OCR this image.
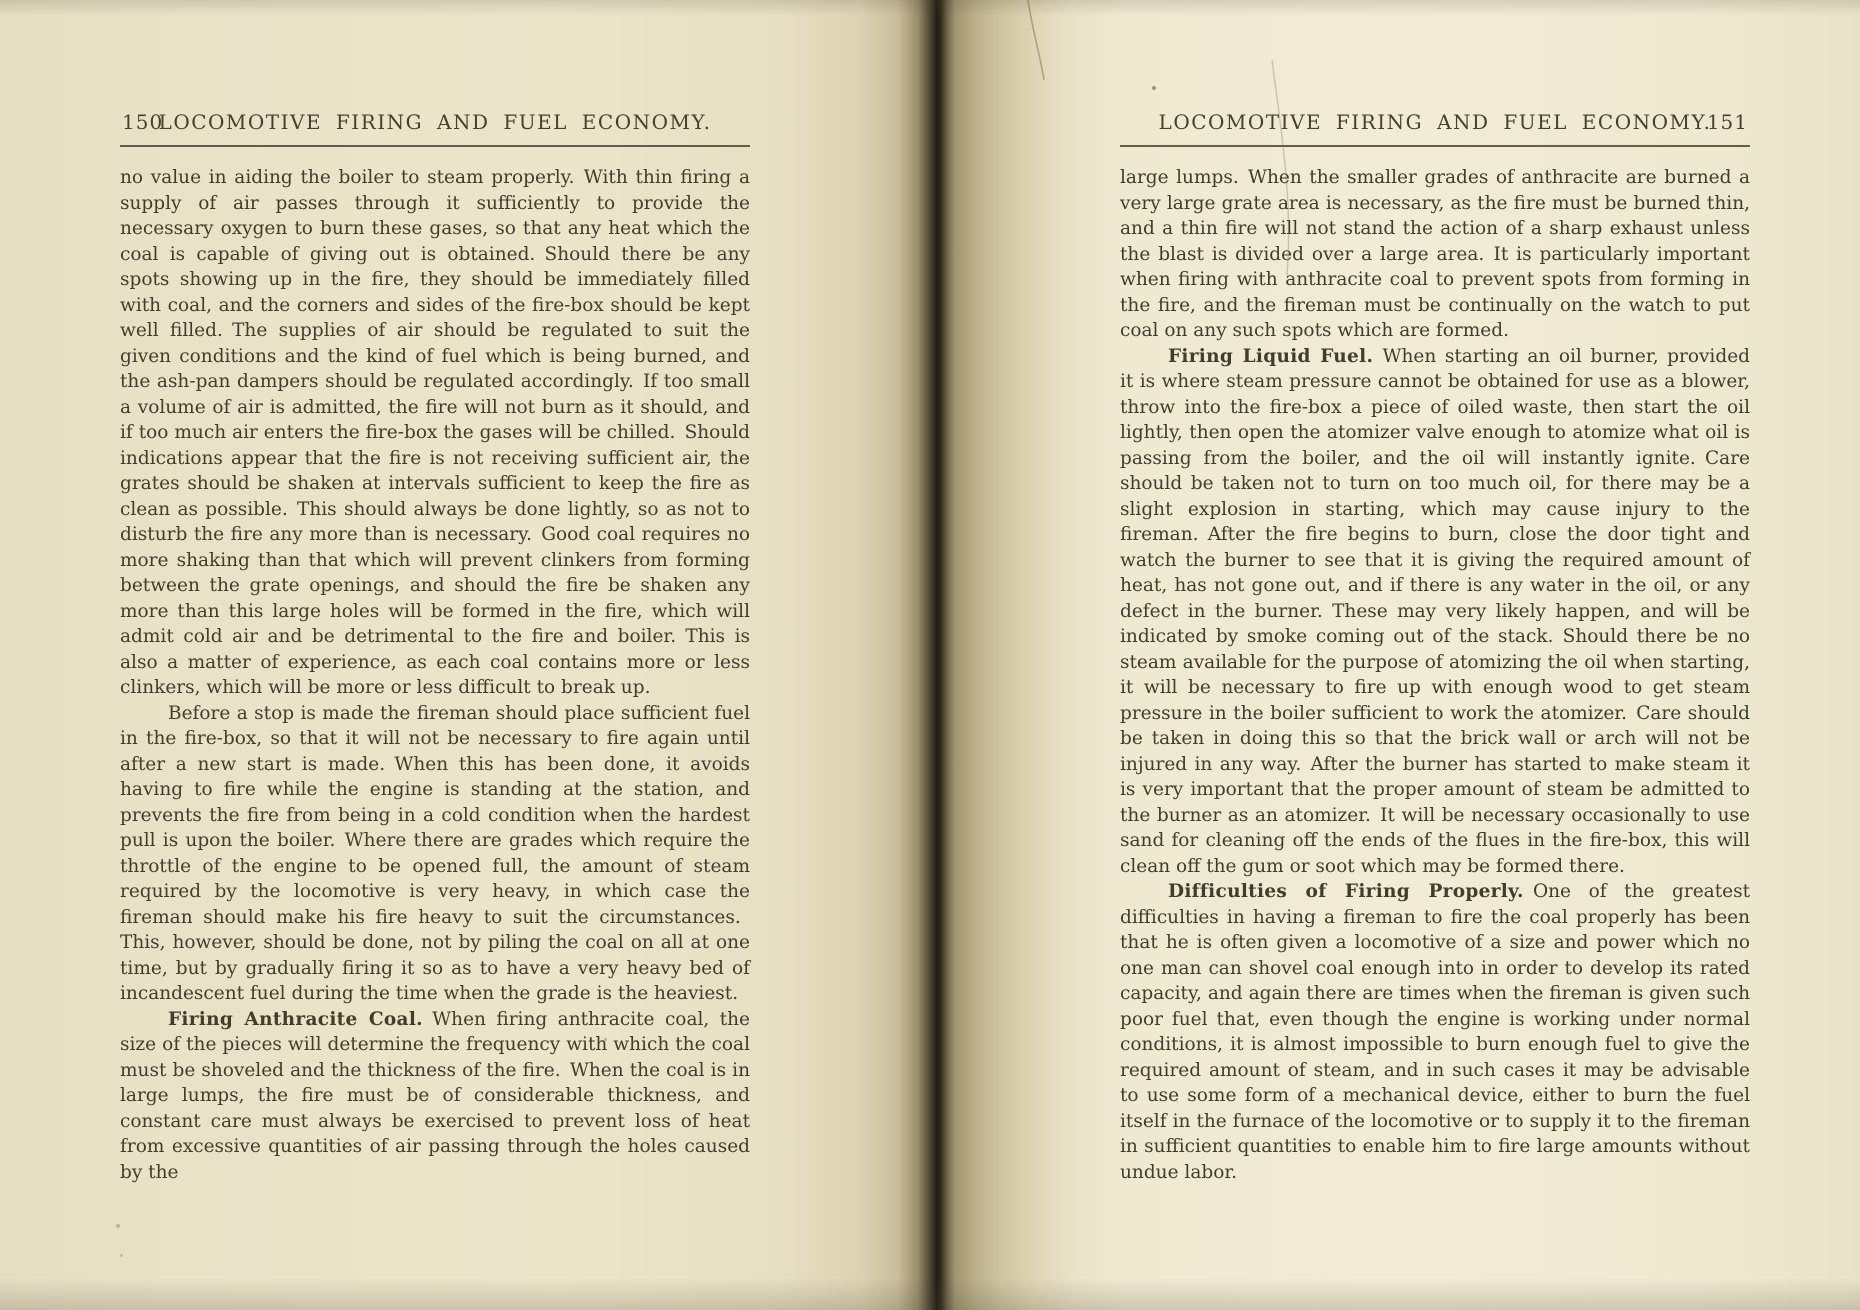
150
LOCOMOTIVE FIRING AND FUEL ECONOMY.

no value in aiding the boiler to steam properly. With thin firing a supply of air passes through it sufficiently to provide the necessary oxygen to burn these gases, so that any heat which the coal is capable of giving out is obtained. Should there be any spots showing up in the fire, they should be immediately filled with coal, and the corners and sides of the fire-box should be kept well filled. The supplies of air should be regulated to suit the given conditions and the kind of fuel which is being burned, and the ash-pan dampers should be regulated accordingly. If too small a volume of air is admitted, the fire will not burn as it should, and if too much air enters the fire-box the gases will be chilled. Should indications appear that the fire is not receiving sufficient air, the grates should be shaken at intervals sufficient to keep the fire as clean as possible. This should always be done lightly, so as not to disturb the fire any more than is necessary. Good coal requires no more shaking than that which will prevent clinkers from forming between the grate openings, and should the fire be shaken any more than this large holes will be formed in the fire, which will admit cold air and be detrimental to the fire and boiler. This is also a matter of experience, as each coal contains more or less clinkers, which will be more or less difficult to break up.

Before a stop is made the fireman should place sufficient fuel in the fire-box, so that it will not be necessary to fire again until after a new start is made. When this has been done, it avoids having to fire while the engine is standing at the station, and prevents the fire from being in a cold condition when the hardest pull is upon the boiler. Where there are grades which require the throttle of the engine to be opened full, the amount of steam required by the locomotive is very heavy, in which case the fireman should make his fire heavy to suit the circumstances. This, however, should be done, not by piling the coal on all at one time, but by gradually firing it so as to have a very heavy bed of incandescent fuel during the time when the grade is the heaviest.

Firing Anthracite Coal.  When firing anthracite coal, the size of the pieces will determine the frequency with which the coal must be shoveled and the thickness of the fire. When the coal is in large lumps, the fire must be of considerable thickness, and constant care must always be exercised to prevent loss of heat from excessive quantities of air passing through the holes caused by the

LOCOMOTIVE FIRING AND FUEL ECONOMY.
151

large lumps. When the smaller grades of anthracite are burned a very large grate area is necessary, as the fire must be burned thin, and a thin fire will not stand the action of a sharp exhaust unless the blast is divided over a large area. It is particularly important when firing with anthracite coal to prevent spots from forming in the fire, and the fireman must be continually on the watch to put coal on any such spots which are formed.

Firing Liquid Fuel.  When starting an oil burner, provided it is where steam pressure cannot be obtained for use as a blower, throw into the fire-box a piece of oiled waste, then start the oil lightly, then open the atomizer valve enough to atomize what oil is passing from the boiler, and the oil will instantly ignite. Care should be taken not to turn on too much oil, for there may be a slight explosion in starting, which may cause injury to the fireman. After the fire begins to burn, close the door tight and watch the burner to see that it is giving the required amount of heat, has not gone out, and if there is any water in the oil, or any defect in the burner. These may very likely happen, and will be indicated by smoke coming out of the stack. Should there be no steam available for the purpose of atomizing the oil when starting, it will be necessary to fire up with enough wood to get steam pressure in the boiler sufficient to work the atomizer. Care should be taken in doing this so that the brick wall or arch will not be injured in any way. After the burner has started to make steam it is very important that the proper amount of steam be admitted to the burner as an atomizer. It will be necessary occasionally to use sand for cleaning off the ends of the flues in the fire-box, this will clean off the gum or soot which may be formed there.

Difficulties of Firing Properly.  One of the greatest difficulties in having a fireman to fire the coal properly has been that he is often given a locomotive of a size and power which no one man can shovel coal enough into in order to develop its rated capacity, and again there are times when the fireman is given such poor fuel that, even though the engine is working under normal conditions, it is almost impossible to burn enough fuel to give the required amount of steam, and in such cases it may be advisable to use some form of a mechanical device, either to burn the fuel itself in the furnace of the locomotive or to supply it to the fireman in sufficient quantities to enable him to fire large amounts without undue labor.
